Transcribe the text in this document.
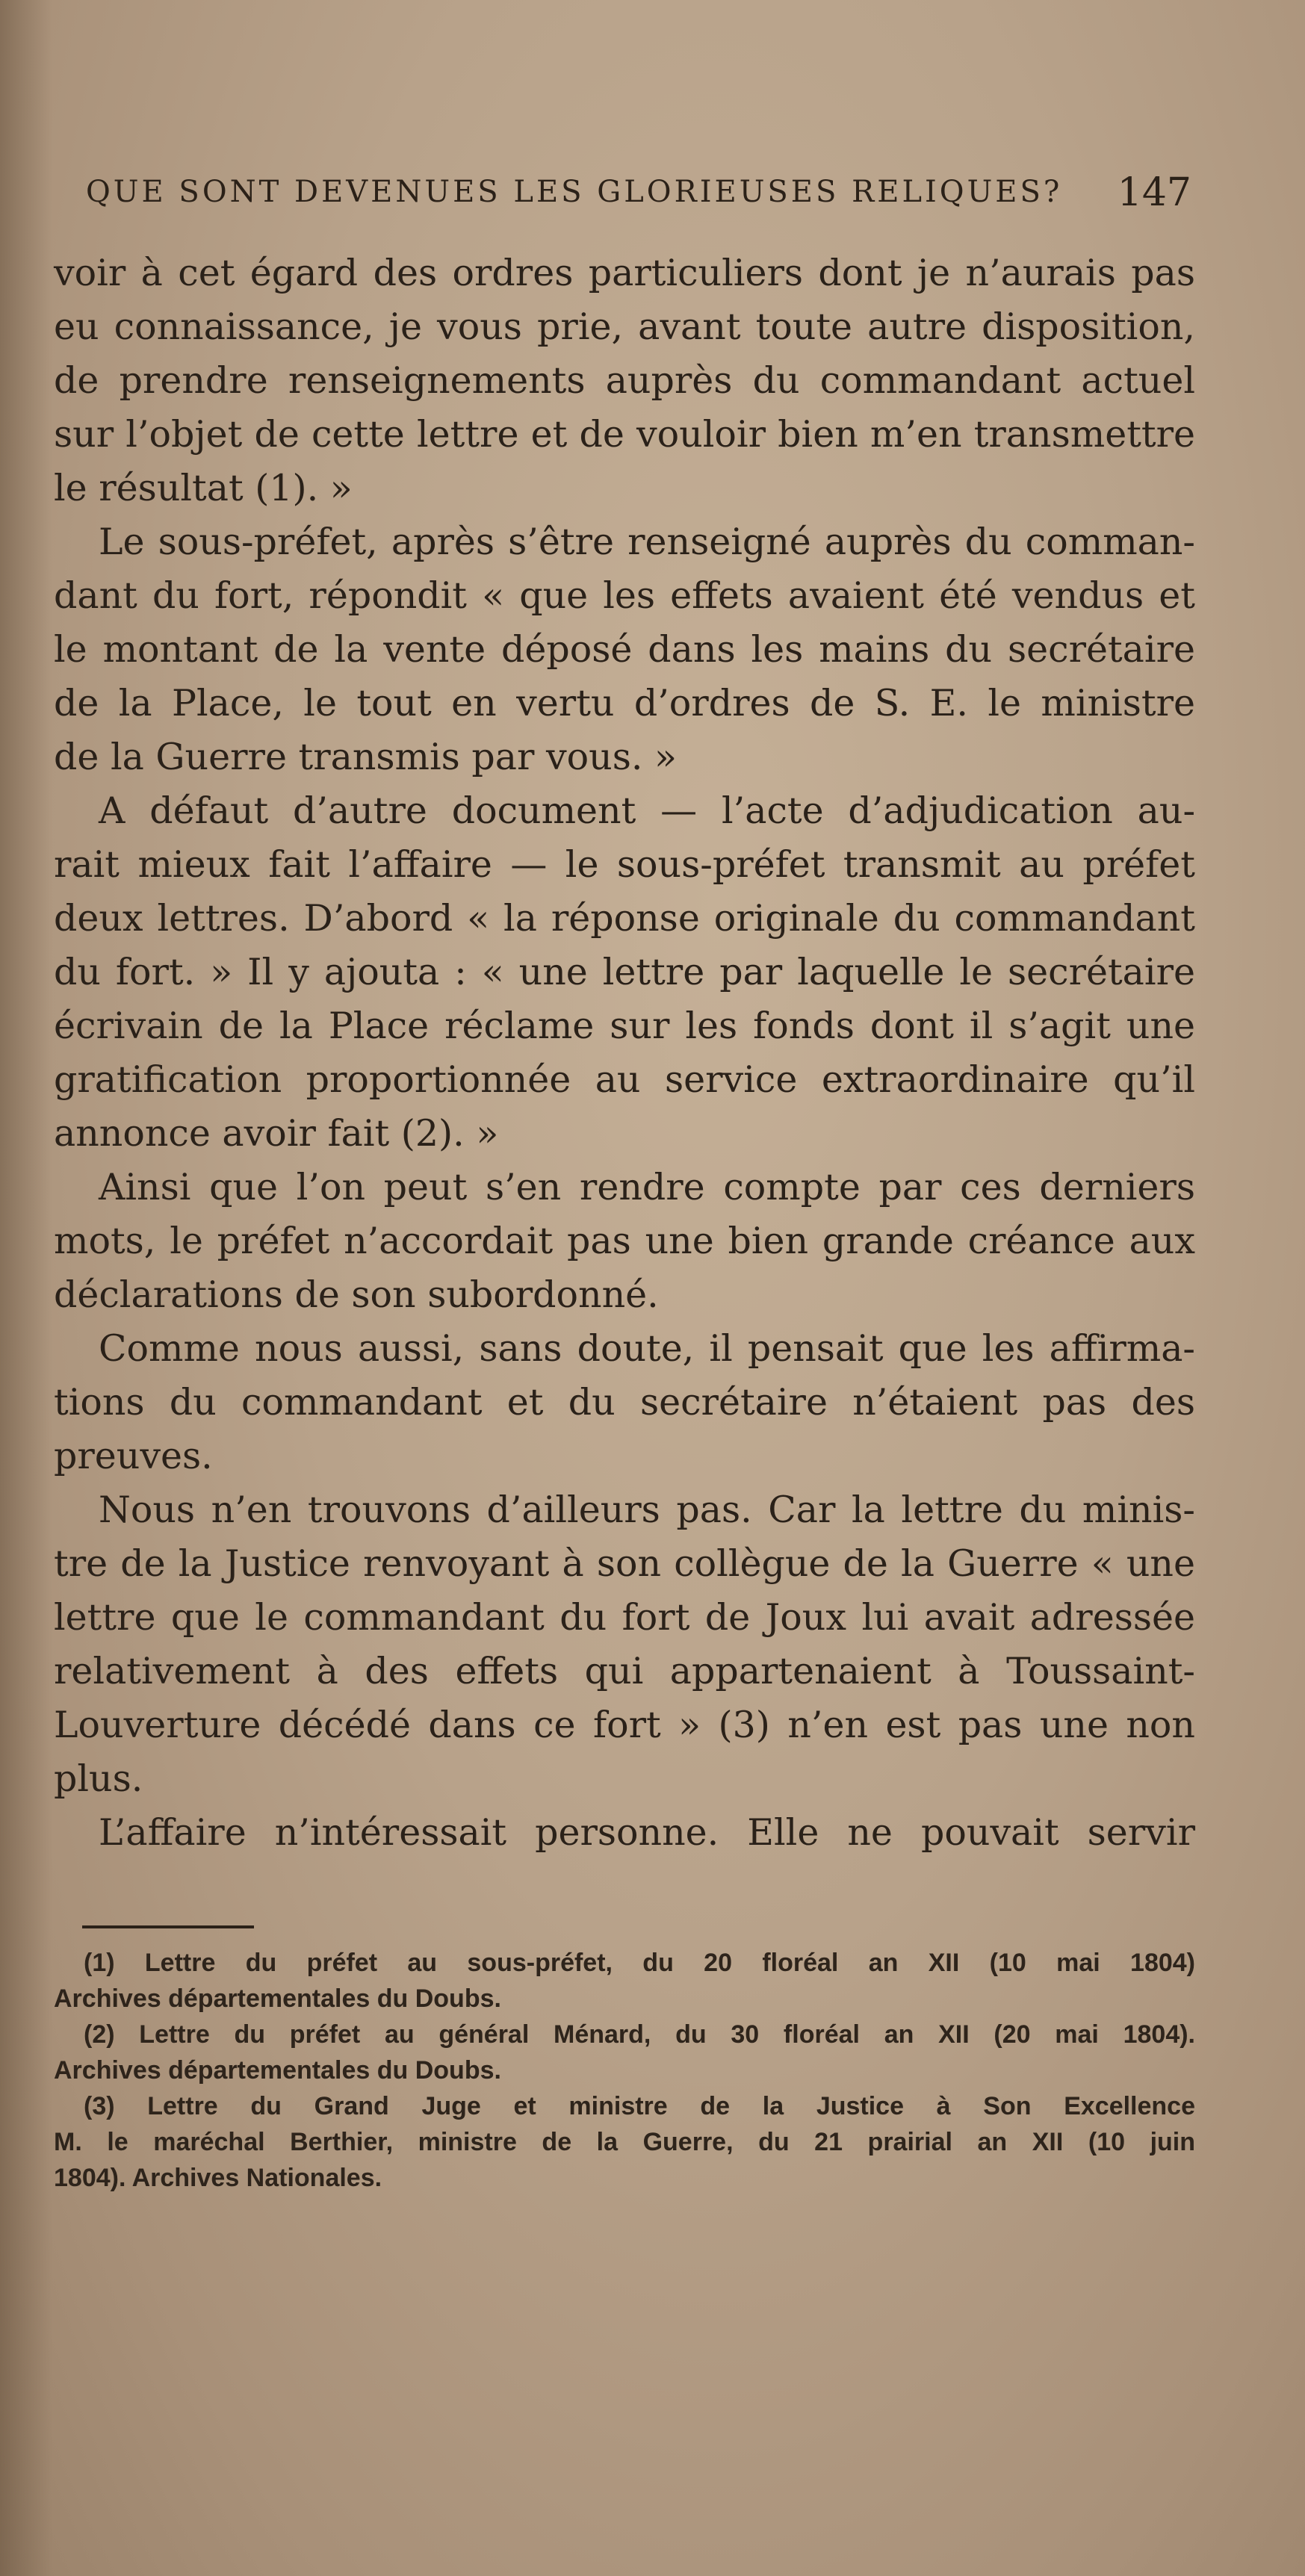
QUE SONT DEVENUES LES GLORIEUSES RELIQUES? 147
voir à cet égard des ordres particuliers dont je n’aurais pas
eu connaissance, je vous prie, avant toute autre disposition,
de prendre renseignements auprès du commandant actuel
sur l’objet de cette lettre et de vouloir bien m’en transmettre
le résultat (1). »
Le sous-préfet, après s’être renseigné auprès du comman-
dant du fort, répondit « que les effets avaient été vendus et
le montant de la vente déposé dans les mains du secrétaire
de la Place, le tout en vertu d’ordres de S. E. le ministre
de la Guerre transmis par vous. »
A défaut d’autre document — l’acte d’adjudication au-
rait mieux fait l’affaire — le sous-préfet transmit au préfet
deux lettres. D’abord « la réponse originale du commandant
du fort. » Il y ajouta : « une lettre par laquelle le secrétaire
écrivain de la Place réclame sur les fonds dont il s’agit une
gratification proportionnée au service extraordinaire qu’il
annonce avoir fait (2). »
Ainsi que l’on peut s’en rendre compte par ces derniers
mots, le préfet n’accordait pas une bien grande créance aux
déclarations de son subordonné.
Comme nous aussi, sans doute, il pensait que les affirma-
tions du commandant et du secrétaire n’étaient pas des
preuves.
Nous n’en trouvons d’ailleurs pas. Car la lettre du minis-
tre de la Justice renvoyant à son collègue de la Guerre « une
lettre que le commandant du fort de Joux lui avait adressée
relativement à des effets qui appartenaient à Toussaint-
Louverture décédé dans ce fort » (3) n’en est pas une non
plus.
L’affaire n’intéressait personne. Elle ne pouvait servir
(1) Lettre du préfet au sous-préfet, du 20 floréal an XII (10 mai 1804)
Archives départementales du Doubs.
(2) Lettre du préfet au général Ménard, du 30 floréal an XII (20 mai 1804).
Archives départementales du Doubs.
(3) Lettre du Grand Juge et ministre de la Justice à Son Excellence
M. le maréchal Berthier, ministre de la Guerre, du 21 prairial an XII (10 juin
1804). Archives Nationales.
